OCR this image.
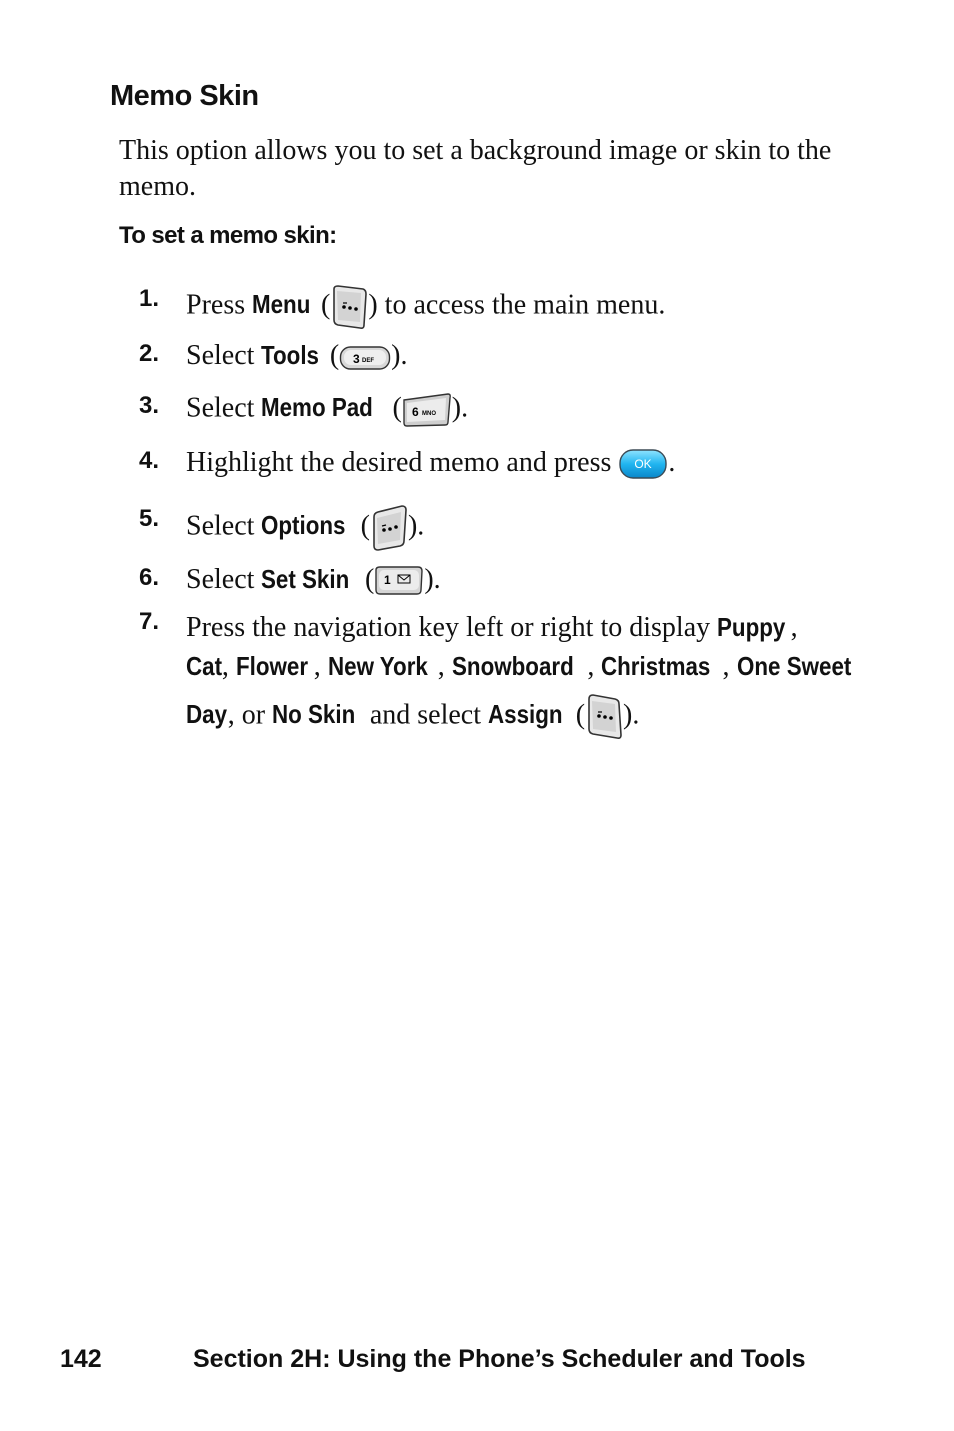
Memo Skin
This option allows you to set a background image or skin to the memo.
To set a memo skin:
1. Press Menu ( ) to access the main menu.
2. Select Tools ( 3 DEF ).
3. Select Memo Pad ( 6 MNO ).
4. Highlight the desired memo and press OK .
5. Select Options ( ).
6. Select Set Skin ( 1 ).
7. Press the navigation key left or right to display Puppy ,
Cat, Flower , New York , Snowboard , Christmas , One Sweet
Day, or No Skin and select Assign ( ).
142	Section 2H: Using the Phone’s Scheduler and Tools
